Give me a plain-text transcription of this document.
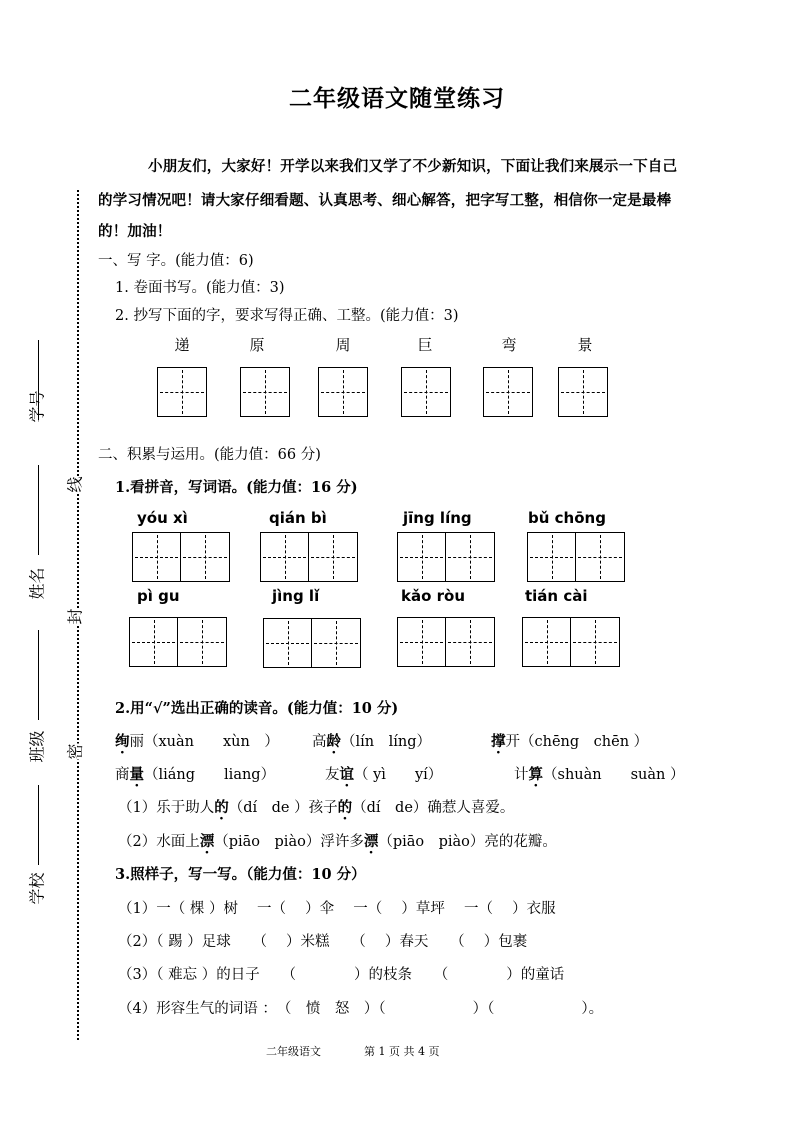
学号
姓名
班级
学校
线
封
密
二年级语文随堂练习
小朋友们，大家好！开学以来我们又学了不少新知识，下面让我们来展示一下自己
的学习情况吧！请大家仔细看题、认真思考、细心解答，把字写工整，相信你一定是最棒
的！加油！
一、写 字。(能力值：6)
1. 卷面书写。(能力值：3)
2. 抄写下面的字，要求写得正确、工整。(能力值：3)
递	原	周	巨	弯	景
二、积累与运用。(能力值：66 分)
1.看拼音，写词语。(能力值：16 分)
yóu xì	qián bì	jīng líng	bǔ chōng
pì gu	jìng lǐ	kǎo ròu	tián cài
2.用“√”选出正确的读音。(能力值：10 分)
绚丽（xuàn　　xùn　） 高龄（lín　líng）	撑开（chēng　chēn ）
商量（liáng　　liang）	友谊（ yì　　yí）	计算（shuàn　　suàn ）
（1）乐于助人的（dí　de ）孩子的（dí　de）确惹人喜爱。
（2）水面上漂（piāo　piào）浮许多漂（piāo　piào）亮的花瓣。
3.照样子，写一写。（能力值：10 分）
（1）一（ 棵 ）树　 一（　 ）伞　 一（　 ）草坪　 一（　 ）衣服
（2）（ 踢 ）足球　　（　 ）米糕　　（　 ）春天　　（　 ）包裹
（3）（ 难忘 ）的日子　　（　　　　）的枝条　　（　　　　）的童话
（4）形容生气的词语 ：　（　愤　怒　）（　　　　　　）（　　　　　　）。
二年级语文	第 1 页 共 4 页
